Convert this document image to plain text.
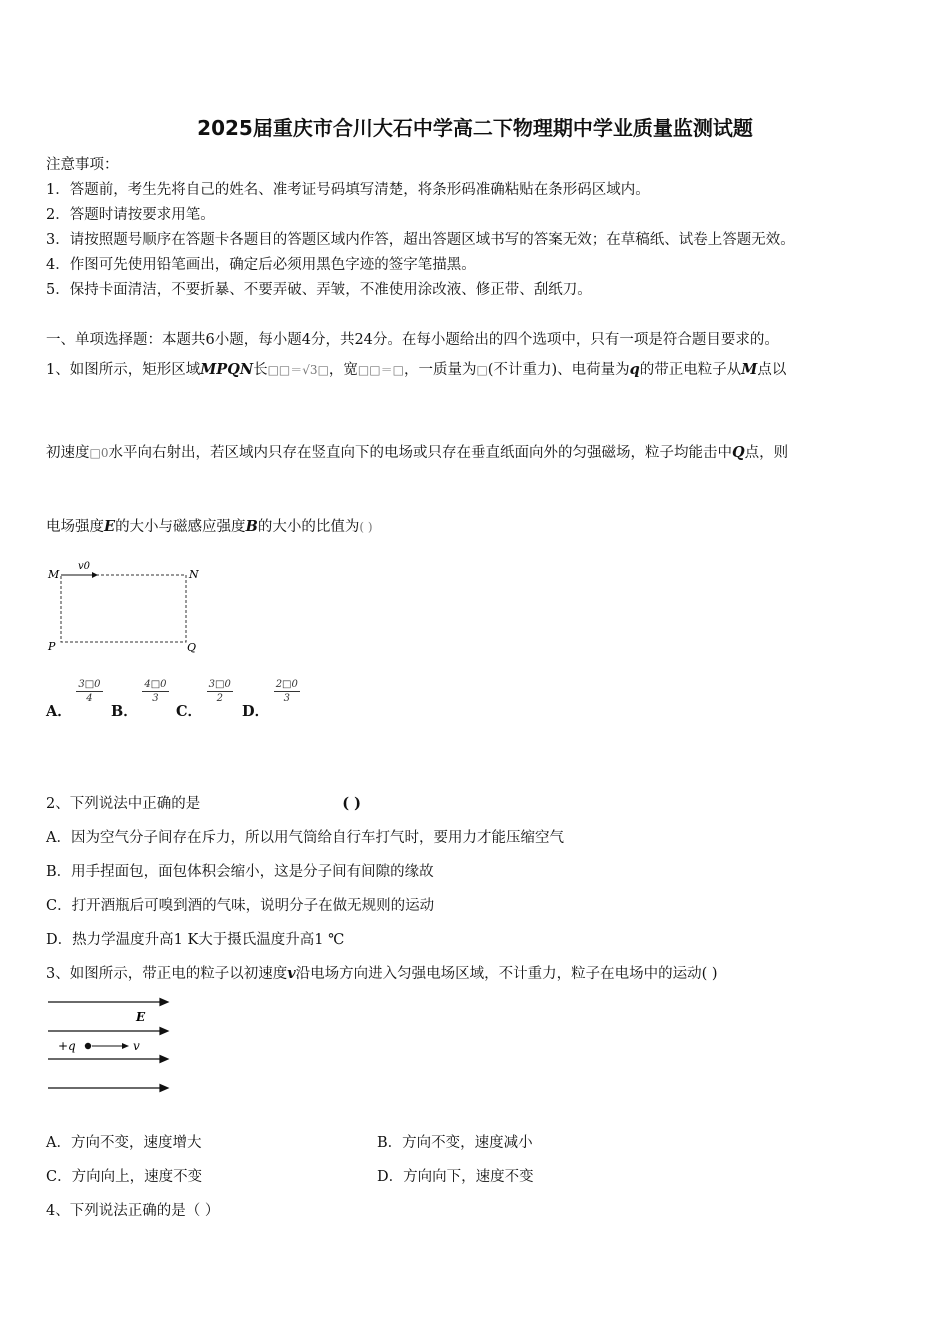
2025届重庆市合川大石中学高二下物理期中学业质量监测试题
注意事项：
1．答题前，考生先将自己的姓名、准考证号码填写清楚，将条形码准确粘贴在条形码区域内。
2．答题时请按要求用笔。
3．请按照题号顺序在答题卡各题目的答题区域内作答，超出答题区域书写的答案无效；在草稿纸、试卷上答题无效。
4．作图可先使用铅笔画出，确定后必须用黑色字迹的签字笔描黑。
5．保持卡面清洁，不要折暴、不要弄破、弄皱，不准使用涂改液、修正带、刮纸刀。
一、单项选择题：本题共6小题，每小题4分，共24分。在每小题给出的四个选项中，只有一项是符合题目要求的。
1、如图所示，矩形区域MPQN长□□＝√3□，宽□□＝□，一质量为□(不计重力)、电荷量为q的带正电粒子从M点以
初速度□0水平向右射出，若区域内只存在竖直向下的电场或只存在垂直纸面向外的匀强磁场，粒子均能击中Q点，则
电场强度E的大小与磁感应强度B的大小的比值为( )
M	N
P	Q
v0
A．
$\frac{3□0}{4}$
B．
$\frac{4□0}{3}$
C．
$\frac{3□0}{2}$
D．
$\frac{2□0}{3}$
2、下列说法中正确的是	( )
A．因为空气分子间存在斥力，所以用气筒给自行车打气时，要用力才能压缩空气
B．用手捏面包，面包体积会缩小，这是分子间有间隙的缘故
C．打开酒瓶后可嗅到酒的气味，说明分子在做无规则的运动
D．热力学温度升高1 K大于摄氏温度升高1 ℃
3、如图所示，带正电的粒子以初速度v沿电场方向进入匀强电场区域，不计重力，粒子在电场中的运动( )
+q	v
E
A．方向不变，速度增大	B．方向不变，速度减小
C．方向向上，速度不变	D．方向向下，速度不变
4、下列说法正确的是（ ）
